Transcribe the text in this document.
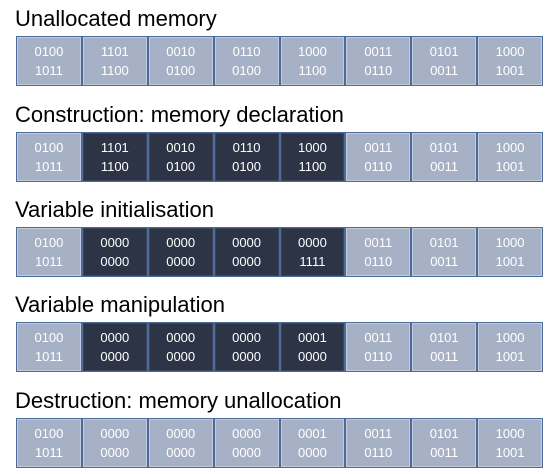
Unallocated memory
0100
1011
1101
1100
0010
0100
0110
0100
1000
1100
0011
0110
0101
0011
1000
1001
Construction: memory declaration
0100
1011
1101
1100
0010
0100
0110
0100
1000
1100
0011
0110
0101
0011
1000
1001
Variable initialisation
0100
1011
0000
0000
0000
0000
0000
0000
0000
1111
0011
0110
0101
0011
1000
1001
Variable manipulation
0100
1011
0000
0000
0000
0000
0000
0000
0001
0000
0011
0110
0101
0011
1000
1001
Destruction: memory unallocation
0100
1011
0000
0000
0000
0000
0000
0000
0001
0000
0011
0110
0101
0011
1000
1001
